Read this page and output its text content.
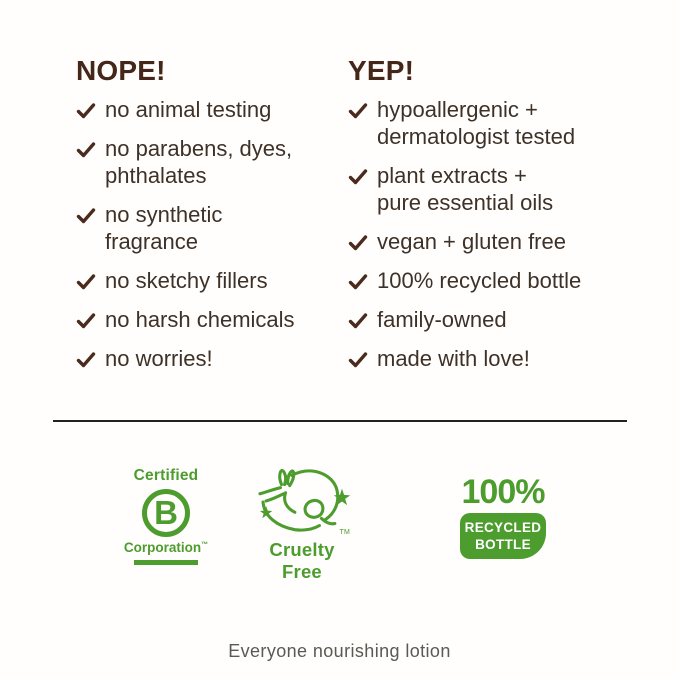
NOPE!
no animal testing
no parabens, dyes,
phthalates
no synthetic
fragrance
no sketchy fillers
no harsh chemicals
no worries!
YEP!
hypoallergenic +
dermatologist tested
plant extracts +
pure essential oils
vegan + gluten free
100% recycled bottle
family-owned
made with love!
Certified
B
Corporation™
TM
Cruelty Free
100%
RECYCLED
BOTTLE
Everyone nourishing lotion
